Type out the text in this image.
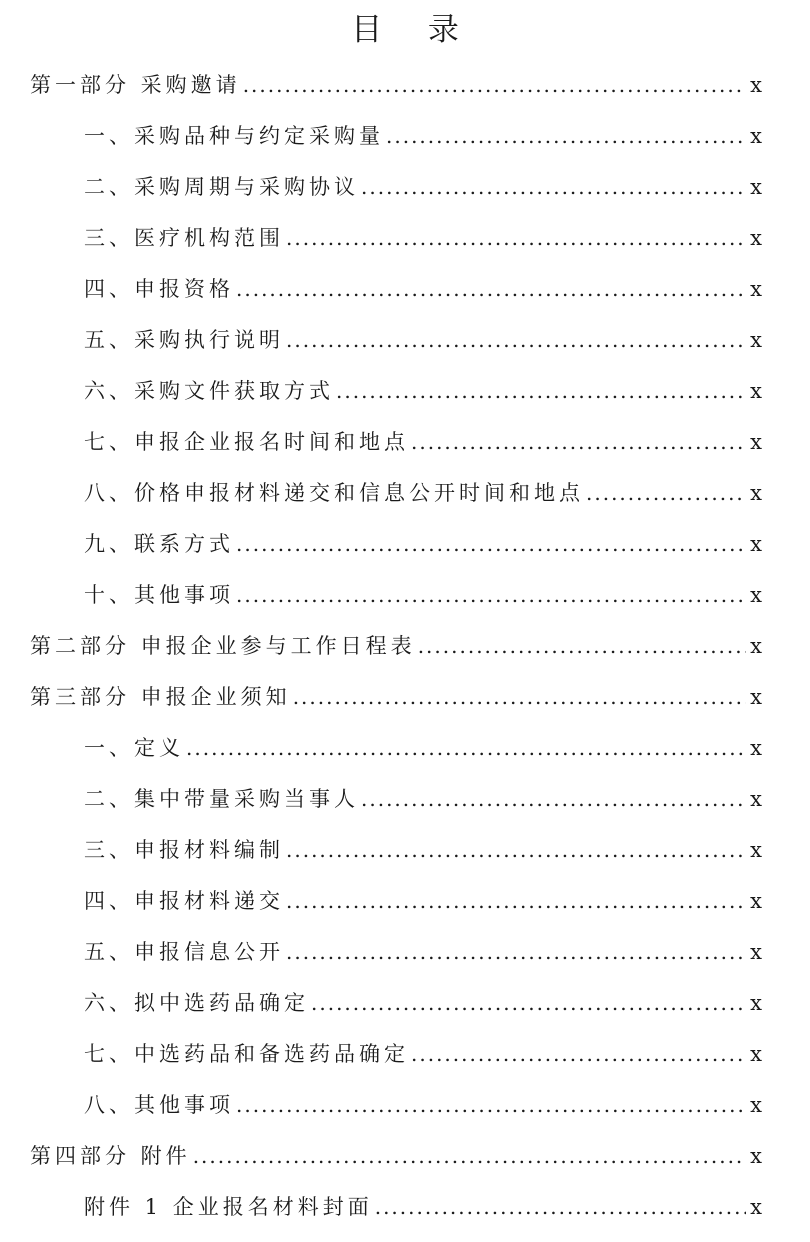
目 录
第一部分 采购邀请 .....	x
一、采购品种与约定采购量 .....	x
二、采购周期与采购协议 .....	x
三、医疗机构范围 .....	x
四、申报资格 .....	x
五、采购执行说明 .....	x
六、采购文件获取方式 .....	x
七、申报企业报名时间和地点 .....	x
八、价格申报材料递交和信息公开时间和地点 .....	x
九、联系方式 .....	x
十、其他事项 .....	x
第二部分 申报企业参与工作日程表 .....	x
第三部分 申报企业须知 .....	x
一、定义 .....	x
二、集中带量采购当事人 .....	x
三、申报材料编制 .....	x
四、申报材料递交 .....	x
五、申报信息公开 .....	x
六、拟中选药品确定 .....	x
七、中选药品和备选药品确定 .....	x
八、其他事项 .....	x
第四部分 附件 .....	x
附件 1 企业报名材料封面 .....	x
